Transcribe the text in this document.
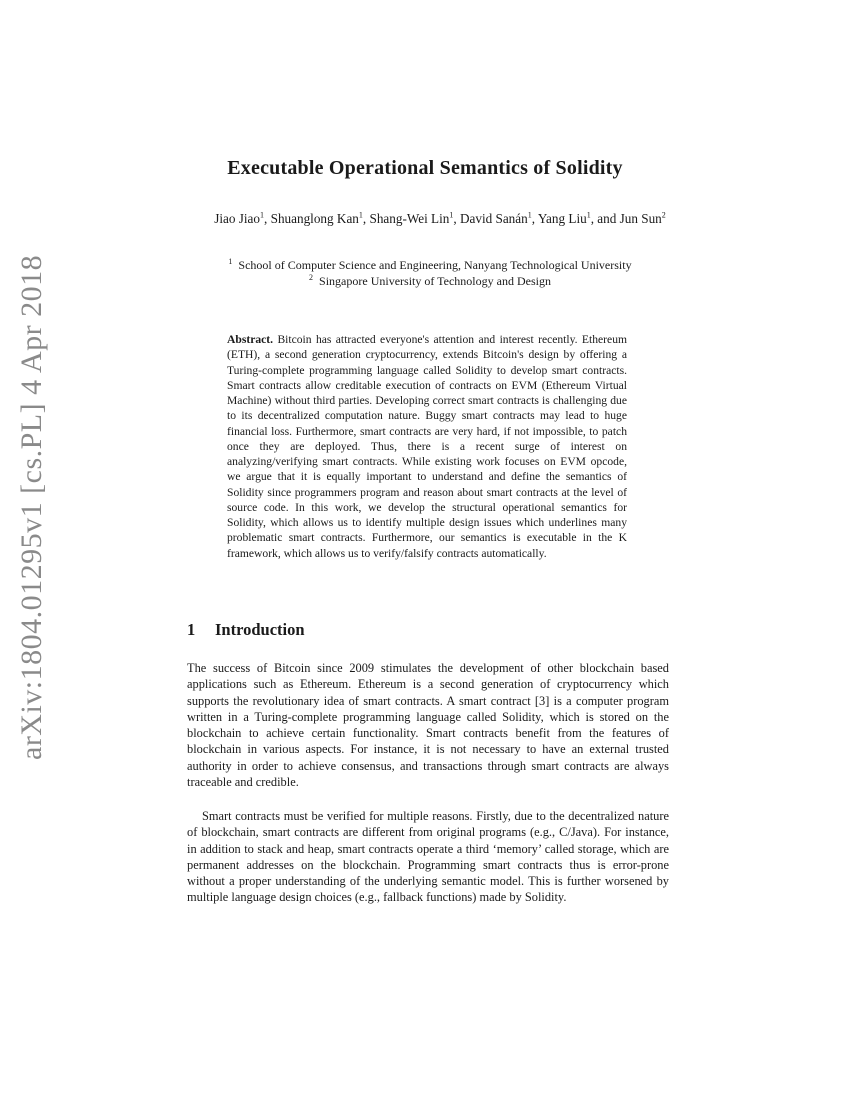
arXiv:1804.01295v1 [cs.PL] 4 Apr 2018
Executable Operational Semantics of Solidity
Jiao Jiao$^1$, Shuanglong Kan$^1$, Shang-Wei Lin$^1$, David Sanán$^1$, Yang Liu$^1$, and Jun Sun$^2$
$^1$ School of Computer Science and Engineering, Nanyang Technological University
$^2$ Singapore University of Technology and Design
Abstract. Bitcoin has attracted everyone's attention and interest recently. Ethereum (ETH), a second generation cryptocurrency, extends Bitcoin's design by offering a Turing-complete programming language called Solidity to develop smart contracts. Smart contracts allow creditable execution of contracts on EVM (Ethereum Virtual Machine) without third parties. Developing correct smart contracts is challenging due to its decentralized computation nature. Buggy smart contracts may lead to huge financial loss. Furthermore, smart contracts are very hard, if not impossible, to patch once they are deployed. Thus, there is a recent surge of interest on analyzing/verifying smart contracts. While existing work focuses on EVM opcode, we argue that it is equally important to understand and define the semantics of Solidity since programmers program and reason about smart contracts at the level of source code. In this work, we develop the structural operational semantics for Solidity, which allows us to identify multiple design issues which underlines many problematic smart contracts. Furthermore, our semantics is executable in the K framework, which allows us to verify/falsify contracts automatically.
1 Introduction
The success of Bitcoin since 2009 stimulates the development of other blockchain based applications such as Ethereum. Ethereum is a second generation of cryptocurrency which supports the revolutionary idea of smart contracts. A smart contract [3] is a computer program written in a Turing-complete programming language called Solidity, which is stored on the blockchain to achieve certain functionality. Smart contracts benefit from the features of blockchain in various aspects. For instance, it is not necessary to have an external trusted authority in order to achieve consensus, and transactions through smart contracts are always traceable and credible.
Smart contracts must be verified for multiple reasons. Firstly, due to the decentralized nature of blockchain, smart contracts are different from original programs (e.g., C/Java). For instance, in addition to stack and heap, smart contracts operate a third ‘memory’ called storage, which are permanent addresses on the blockchain. Programming smart contracts thus is error-prone without a proper understanding of the underlying semantic model. This is further worsened by multiple language design choices (e.g., fallback functions) made by Solidity.
